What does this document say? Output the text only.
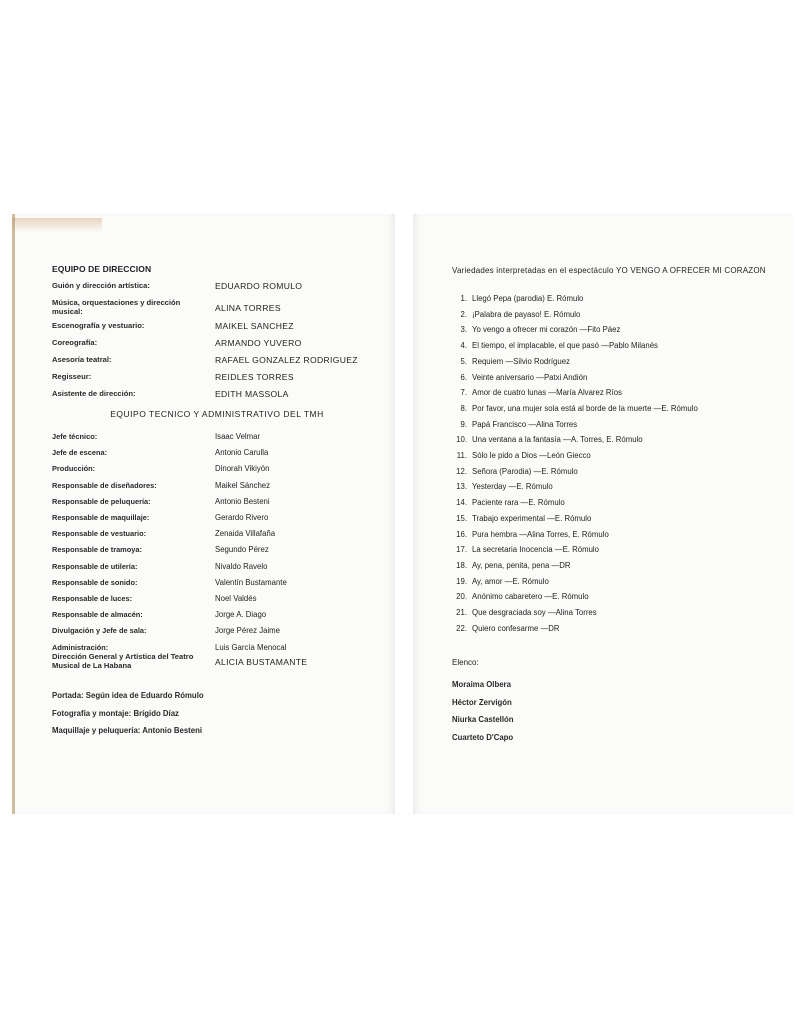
EQUIPO DE DIRECCION
Guión y dirección artística:	EDUARDO ROMULO
Música, orquestaciones y dirección musical:	ALINA TORRES
Escenografía y vestuario:	MAIKEL SANCHEZ
Coreografía:	ARMANDO YUVERO
Asesoría teatral:	RAFAEL GONZALEZ RODRIGUEZ
Regisseur:	REIDLES TORRES
Asistente de dirección:	EDITH MASSOLA
EQUIPO TECNICO Y ADMINISTRATIVO DEL TMH
Jefe técnico:	Isaac Velmar
Jefe de escena:	Antonio Carulla
Producción:	Dinorah Vikiyón
Responsable de diseñadores:	Maikel Sánchez
Responsable de peluquería:	Antonio Besteni
Responsable de maquillaje:	Gerardo Rivero
Responsable de vestuario:	Zenaida Villafaña
Responsable de tramoya:	Segundo Pérez
Responsable de utilería:	Nivaldo Ravelo
Responsable de sonido:	Valentín Bustamante
Responsable de luces:	Noel Valdés
Responsable de almacén:	Jorge A. Diago
Divulgación y Jefe de sala:	Jorge Pérez Jaime
Administración:	Luis García Menocal
Dirección General y Artística del Teatro Musical de La Habana	ALICIA BUSTAMANTE
Portada: Según idea de Eduardo Rómulo
Fotografía y montaje: Brígido Díaz
Maquillaje y peluquería: Antonio Besteni
Variedades interpretadas en el espectáculo YO VENGO A OFRECER MI CORAZON
1. Llegó Pepa (parodia) E. Rómulo
2. ¡Palabra de payaso! E. Rómulo
3. Yo vengo a ofrecer mi corazón —Fito Páez
4. El tiempo, el implacable, el que pasó —Pablo Milanés
5. Requiem —Silvio Rodríguez
6. Veinte aniversario —Patxi Andión
7. Amor de cuatro lunas —María Alvarez Ríos
8. Por favor, una mujer sola está al borde de la muerte —E. Rómulo
9. Papá Francisco —Alina Torres
10. Una ventana a la fantasía —A. Torres, E. Rómulo
11. Sólo le pido a Dios —León Giecco
12. Señora (Parodia) —E. Rómulo
13. Yesterday —E. Rómulo
14. Paciente rara —E. Rómulo
15. Trabajo experimental —E. Rómulo
16. Pura hembra —Alina Torres, E. Rómulo
17. La secretaria Inocencia —E. Rómulo
18. Ay, pena, penita, pena —DR
19. Ay, amor —E. Rómulo
20. Anónimo cabaretero —E. Rómulo
21. Que desgraciada soy —Alina Torres
22. Quiero confesarme —DR
Elenco:
Moraima Olbera
Héctor Zervigón
Niurka Castellón
Cuarteto D'Capo
